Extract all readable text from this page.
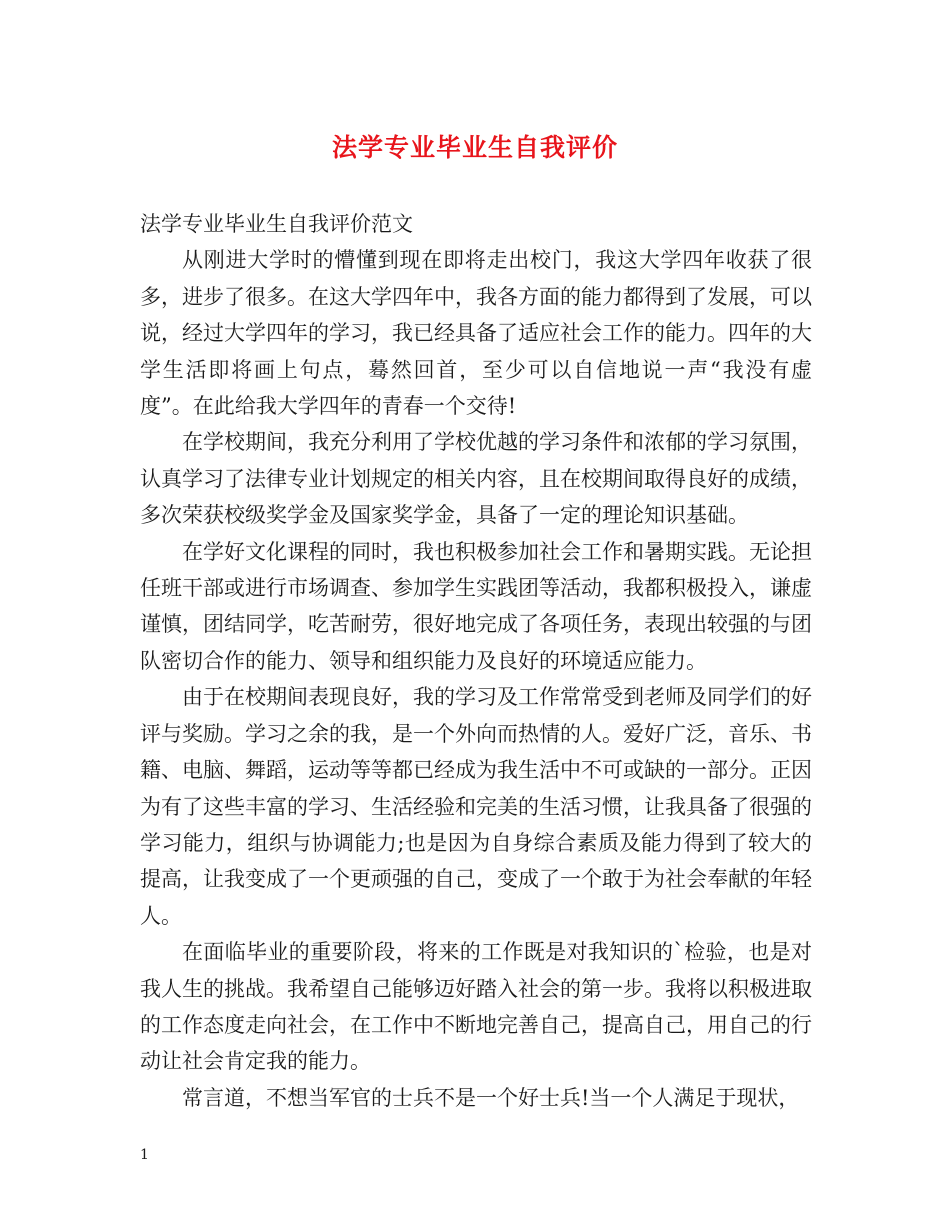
法学专业毕业生自我评价

法学专业毕业生自我评价范文

从刚进大学时的懵懂到现在即将走出校门，我这大学四年收获了很多，进步了很多。在这大学四年中，我各方面的能力都得到了发展，可以说，经过大学四年的学习，我已经具备了适应社会工作的能力。四年的大学生活即将画上句点，蓦然回首，至少可以自信地说一声“我没有虚度”。在此给我大学四年的青春一个交待!

在学校期间，我充分利用了学校优越的学习条件和浓郁的学习氛围，认真学习了法律专业计划规定的相关内容，且在校期间取得良好的成绩，多次荣获校级奖学金及国家奖学金，具备了一定的理论知识基础。

在学好文化课程的同时，我也积极参加社会工作和暑期实践。无论担任班干部或进行市场调查、参加学生实践团等活动，我都积极投入，谦虚谨慎，团结同学，吃苦耐劳，很好地完成了各项任务，表现出较强的与团队密切合作的能力、领导和组织能力及良好的环境适应能力。

由于在校期间表现良好，我的学习及工作常常受到老师及同学们的好评与奖励。学习之余的我，是一个外向而热情的人。爱好广泛，音乐、书籍、电脑、舞蹈，运动等等都已经成为我生活中不可或缺的一部分。正因为有了这些丰富的学习、生活经验和完美的生活习惯，让我具备了很强的学习能力，组织与协调能力;也是因为自身综合素质及能力得到了较大的提高，让我变成了一个更顽强的自己，变成了一个敢于为社会奉献的年轻人。

在面临毕业的重要阶段，将来的工作既是对我知识的`检验，也是对我人生的挑战。我希望自己能够迈好踏入社会的第一步。我将以积极进取的工作态度走向社会，在工作中不断地完善自己，提高自己，用自己的行动让社会肯定我的能力。

常言道，不想当军官的士兵不是一个好士兵!当一个人满足于现状，

1
